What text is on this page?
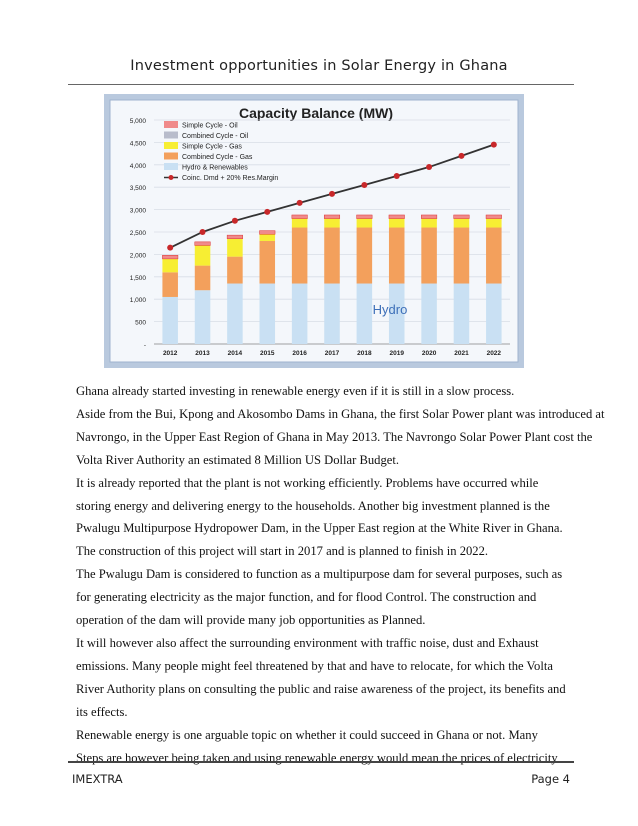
Investment opportunities in Solar Energy in Ghana
Capacity Balance (MW)
-
500
1,000
1,500
2,000
2,500
3,000
3,500
4,000
4,500
5,000
2012	2013	2014	2015	2016	2017	2018	2019	2020	2021	2022
Hydro
Simple Cycle - Oil
Combined Cycle - Oil
Simple Cycle - Gas
Combined Cycle - Gas
Hydro & Renewables
Coinc. Dmd + 20% Res.Margin

Ghana already started investing in renewable energy even if it is still in a slow process.

Aside from the Bui, Kpong and Akosombo Dams in Ghana, the first Solar Power plant was introduced at

Navrongo, in the Upper East Region of Ghana in May 2013. The Navrongo Solar Power Plant cost the

Volta River Authority an estimated 8 Million US Dollar Budget.

It is already reported that the plant is not working efficiently. Problems have occurred while

storing energy and delivering energy to the households. Another big investment planned is the

Pwalugu Multipurpose Hydropower Dam, in the Upper East region at the White River in Ghana.

The construction of this project will start in 2017 and is planned to finish in 2022.

The Pwalugu Dam is considered to function as a multipurpose dam for several purposes, such as

for generating electricity as the major function, and for flood Control. The construction and

operation of the dam will provide many job opportunities as Planned.

It will however also affect the surrounding environment with traffic noise, dust and Exhaust

emissions. Many people might feel threatened by that and have to relocate, for which the Volta

River Authority plans on consulting the public and raise awareness of the project, its benefits and

its effects.

Renewable energy is one arguable topic on whether it could succeed in Ghana or not. Many

Steps are however being taken and using renewable energy would mean the prices of electricity

IMEXTRA	Page 4
